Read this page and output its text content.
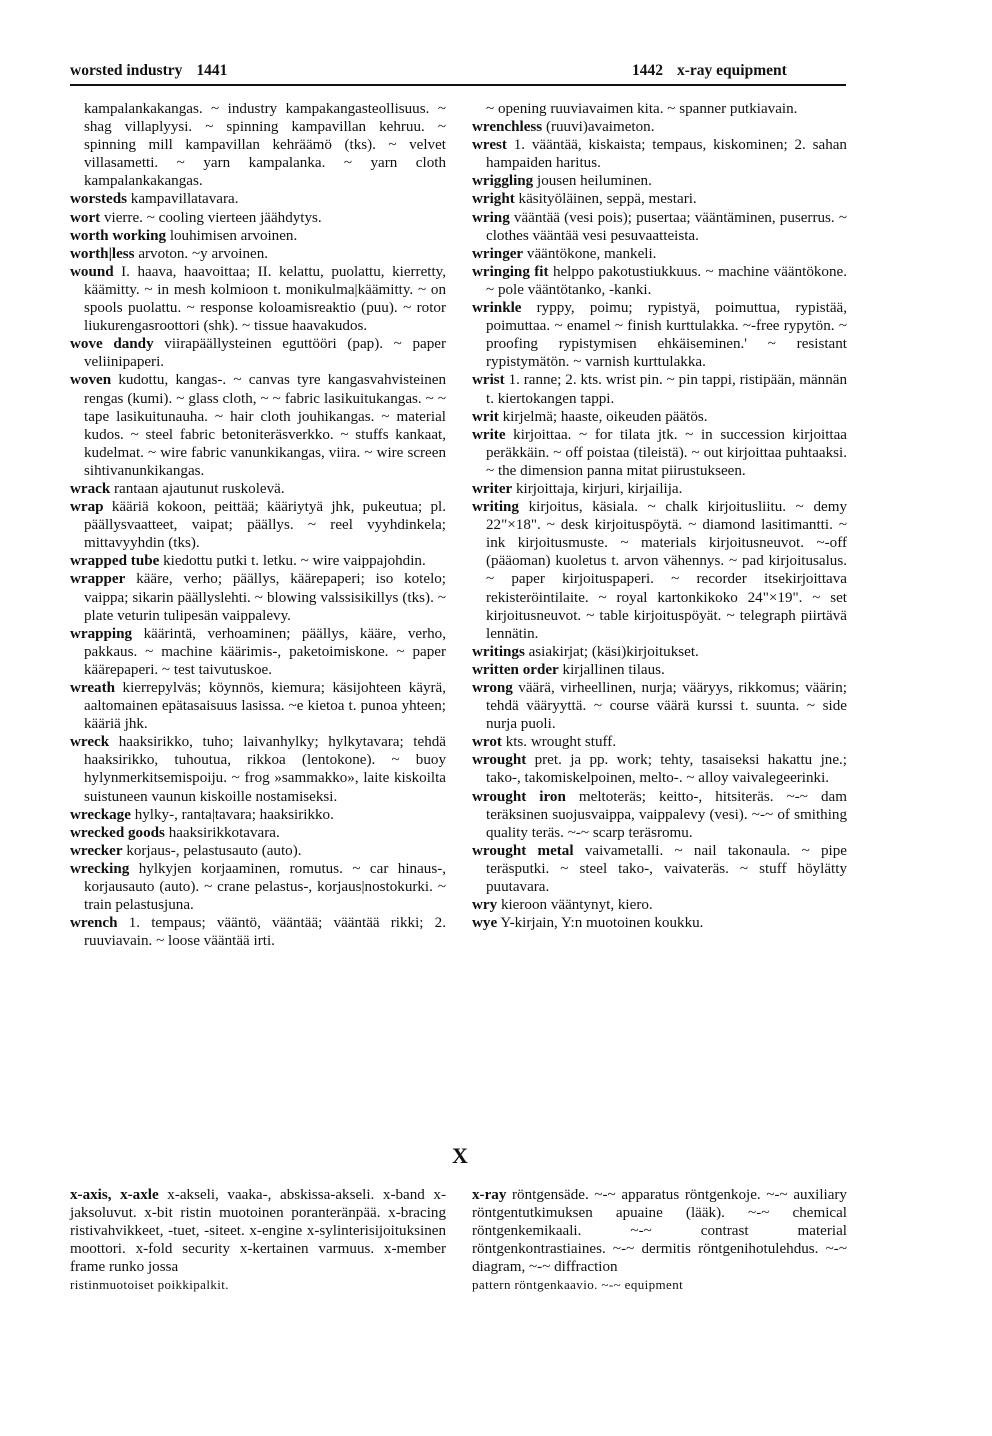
worsted industry 1441	1442 x-ray equipment
kampalankakangas. ~ industry kampakangasteollisuus. ~ shag villaplyysi. ~ spinning kampavillan kehruu. ~ spinning mill kampavillan kehräämö (tks). ~ velvet villasametti. ~ yarn kampalanka. ~ yarn cloth kampalankakangas.
worsteds kampavillatavara.
wort vierre. ~ cooling vierteen jäähdytys.
worth working louhimisen arvoinen.
worth|less arvoton. ~y arvoinen.
wound I. haava, haavoittaa; II. kelattu, puolattu, kierretty, käämitty. ~ in mesh kolmioon t. monikulma|käämitty. ~ on spools puolattu. ~ response koloamisreaktio (puu). ~ rotor liukurengasroottori (shk). ~ tissue haavakudos.
wove dandy viirapäällysteinen eguttööri (pap). ~ paper veliinipaperi.
woven kudottu, kangas-. ~ canvas tyre kangasvahvisteinen rengas (kumi). ~ glass cloth, ~ ~ fabric lasikuitukangas. ~ ~ tape lasikuitunauha. ~ hair cloth jouhikangas. ~ material kudos. ~ steel fabric betoniteräsverkko. ~ stuffs kankaat, kudelmat. ~ wire fabric vanunkikangas, viira. ~ wire screen sihtivanunkikangas.
wrack rantaan ajautunut ruskolevä.
wrap kääriä kokoon, peittää; kääriytyä jhk, pukeutua; pl. päällysvaatteet, vaipat; päällys. ~ reel vyyhdinkela; mittavyyhdin (tks).
wrapped tube kiedottu putki t. letku. ~ wire vaippajohdin.
wrapper kääre, verho; päällys, käärepaperi; iso kotelo; vaippa; sikarin päällyslehti. ~ blowing valssisikillys (tks). ~ plate veturin tulipesän vaippalevy.
wrapping käärintä, verhoaminen; päällys, kääre, verho, pakkaus. ~ machine käärimis-, paketoimiskone. ~ paper käärepaperi. ~ test taivutuskoe.
wreath kierrepylväs; köynnös, kiemura; käsijohteen käyrä, aaltomainen epätasaisuus lasissa. ~e kietoa t. punoa yhteen; kääriä jhk.
wreck haaksirikko, tuho; laivanhylky; hylkytavara; tehdä haaksirikko, tuhoutua, rikkoa (lentokone). ~ buoy hylynmerkitsemispoiju. ~ frog »sammakko», laite kiskoilta suistuneen vaunun kiskoille nostamiseksi.
wreckage hylky-, ranta|tavara; haaksirikko.
wrecked goods haaksirikkotavara.
wrecker korjaus-, pelastusauto (auto).
wrecking hylkyjen korjaaminen, romutus. ~ car hinaus-, korjausauto (auto). ~ crane pelastus-, korjaus|nostokurki. ~ train pelastusjuna.
wrench 1. tempaus; vääntö, vääntää; vääntää rikki; 2. ruuviavain. ~ loose vääntää irti.
~ opening ruuviavaimen kita. ~ spanner putkiavain.
wrenchless (ruuvi)avaimeton.
wrest 1. vääntää, kiskaista; tempaus, kiskominen; 2. sahan hampaiden haritus.
wriggling jousen heiluminen.
wright käsityöläinen, seppä, mestari.
wring vääntää (vesi pois); pusertaa; vääntäminen, puserrus. ~ clothes vääntää vesi pesuvaatteista.
wringer vääntökone, mankeli.
wringing fit helppo pakotustiukkuus. ~ machine vääntökone. ~ pole vääntötanko, -kanki.
wrinkle ryppy, poimu; rypistyä, poimuttua, rypistää, poimuttaa. ~ enamel ~ finish kurttulakka. ~-free rypytön. ~ proofing rypistymisen ehkäiseminen.' ~ resistant rypistymätön. ~ varnish kurttulakka.
wrist 1. ranne; 2. kts. wrist pin. ~ pin tappi, ristipään, männän t. kiertokangen tappi.
writ kirjelmä; haaste, oikeuden päätös.
write kirjoittaa. ~ for tilata jtk. ~ in succession kirjoittaa peräkkäin. ~ off poistaa (tileistä). ~ out kirjoittaa puhtaaksi. ~ the dimension panna mitat piirustukseen.
writer kirjoittaja, kirjuri, kirjailija.
writing kirjoitus, käsiala. ~ chalk kirjoitusliitu. ~ demy 22"×18". ~ desk kirjoituspöytä. ~ diamond lasitimantti. ~ ink kirjoitusmuste. ~ materials kirjoitusneuvot. ~-off (pääoman) kuoletus t. arvon vähennys. ~ pad kirjoitusalus. ~ paper kirjoituspaperi. ~ recorder itsekirjoittava rekisteröintilaite. ~ royal kartonkikoko 24"×19". ~ set kirjoitusneuvot. ~ table kirjoituspöyät. ~ telegraph piirtävä lennätin.
writings asiakirjat; (käsi)kirjoitukset.
written order kirjallinen tilaus.
wrong väärä, virheellinen, nurja; vääryys, rikkomus; väärin; tehdä vääryyttä. ~ course väärä kurssi t. suunta. ~ side nurja puoli.
wrot kts. wrought stuff.
wrought pret. ja pp. work; tehty, tasaiseksi hakattu jne.; tako-, takomiskelpoinen, melto-. ~ alloy vaivalegeerinki.
wrought iron meltoteräs; keitto-, hitsiteräs. ~-~ dam teräksinen suojusvaippa, vaippalevy (vesi). ~-~ of smithing quality teräs. ~-~ scarp teräsromu.
wrought metal vaivametalli. ~ nail takonaula. ~ pipe teräsputki. ~ steel tako-, vaivateräs. ~ stuff höylätty puutavara.
wry kieroon vääntynyt, kiero.
wye Y-kirjain, Y:n muotoinen koukku.
X
x-axis, x-axle x-akseli, vaaka-, abskissa-akseli. x-band x-jaksoluvut. x-bit ristin muotoinen poranteränpää. x-bracing ristivahvikkeet, -tuet, -siteet. x-engine x-sylinterisijoituksinen moottori. x-fold security x-kertainen varmuus. x-member frame runko jossa
ristinmuotoiset poikkipalkit.
x-ray röntgensäde. ~-~ apparatus röntgenkoje. ~-~ auxiliary röntgentutkimuksen apuaine (lääk). ~-~ chemical röntgenkemikaali. ~-~ contrast material röntgenkontrastiaines. ~-~ dermitis röntgenihotulehdus. ~-~ diagram, ~-~ diffraction
pattern röntgenkaavio. ~-~ equipment
